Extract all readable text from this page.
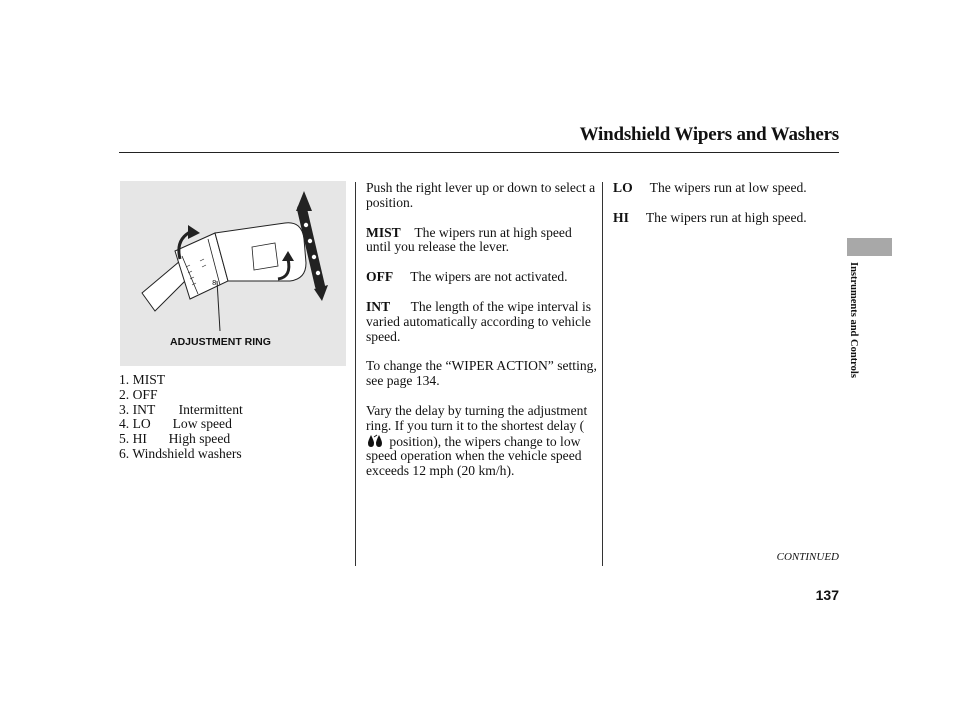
Windshield Wipers and Washers
8
ADJUSTMENT RING
1. MIST
2. OFF
3. INT Intermittent
4. LO Low speed
5. HI High speed
6. Windshield washers

Push the right lever up or down to select a position.

MIST The wipers run at high speed until you release the lever.

OFF The wipers are not activated.

INT The length of the wipe interval is varied automatically according to vehicle speed.

To change the “WIPER ACTION” setting, see page 134.

Vary the delay by turning the adjustment ring. If you turn it to the shortest delay (  position), the wipers change to low speed operation when the vehicle speed exceeds 12 mph (20 km/h).

LO The wipers run at low speed.

HI The wipers run at high speed.

Instruments and Controls
CONTINUED
137
